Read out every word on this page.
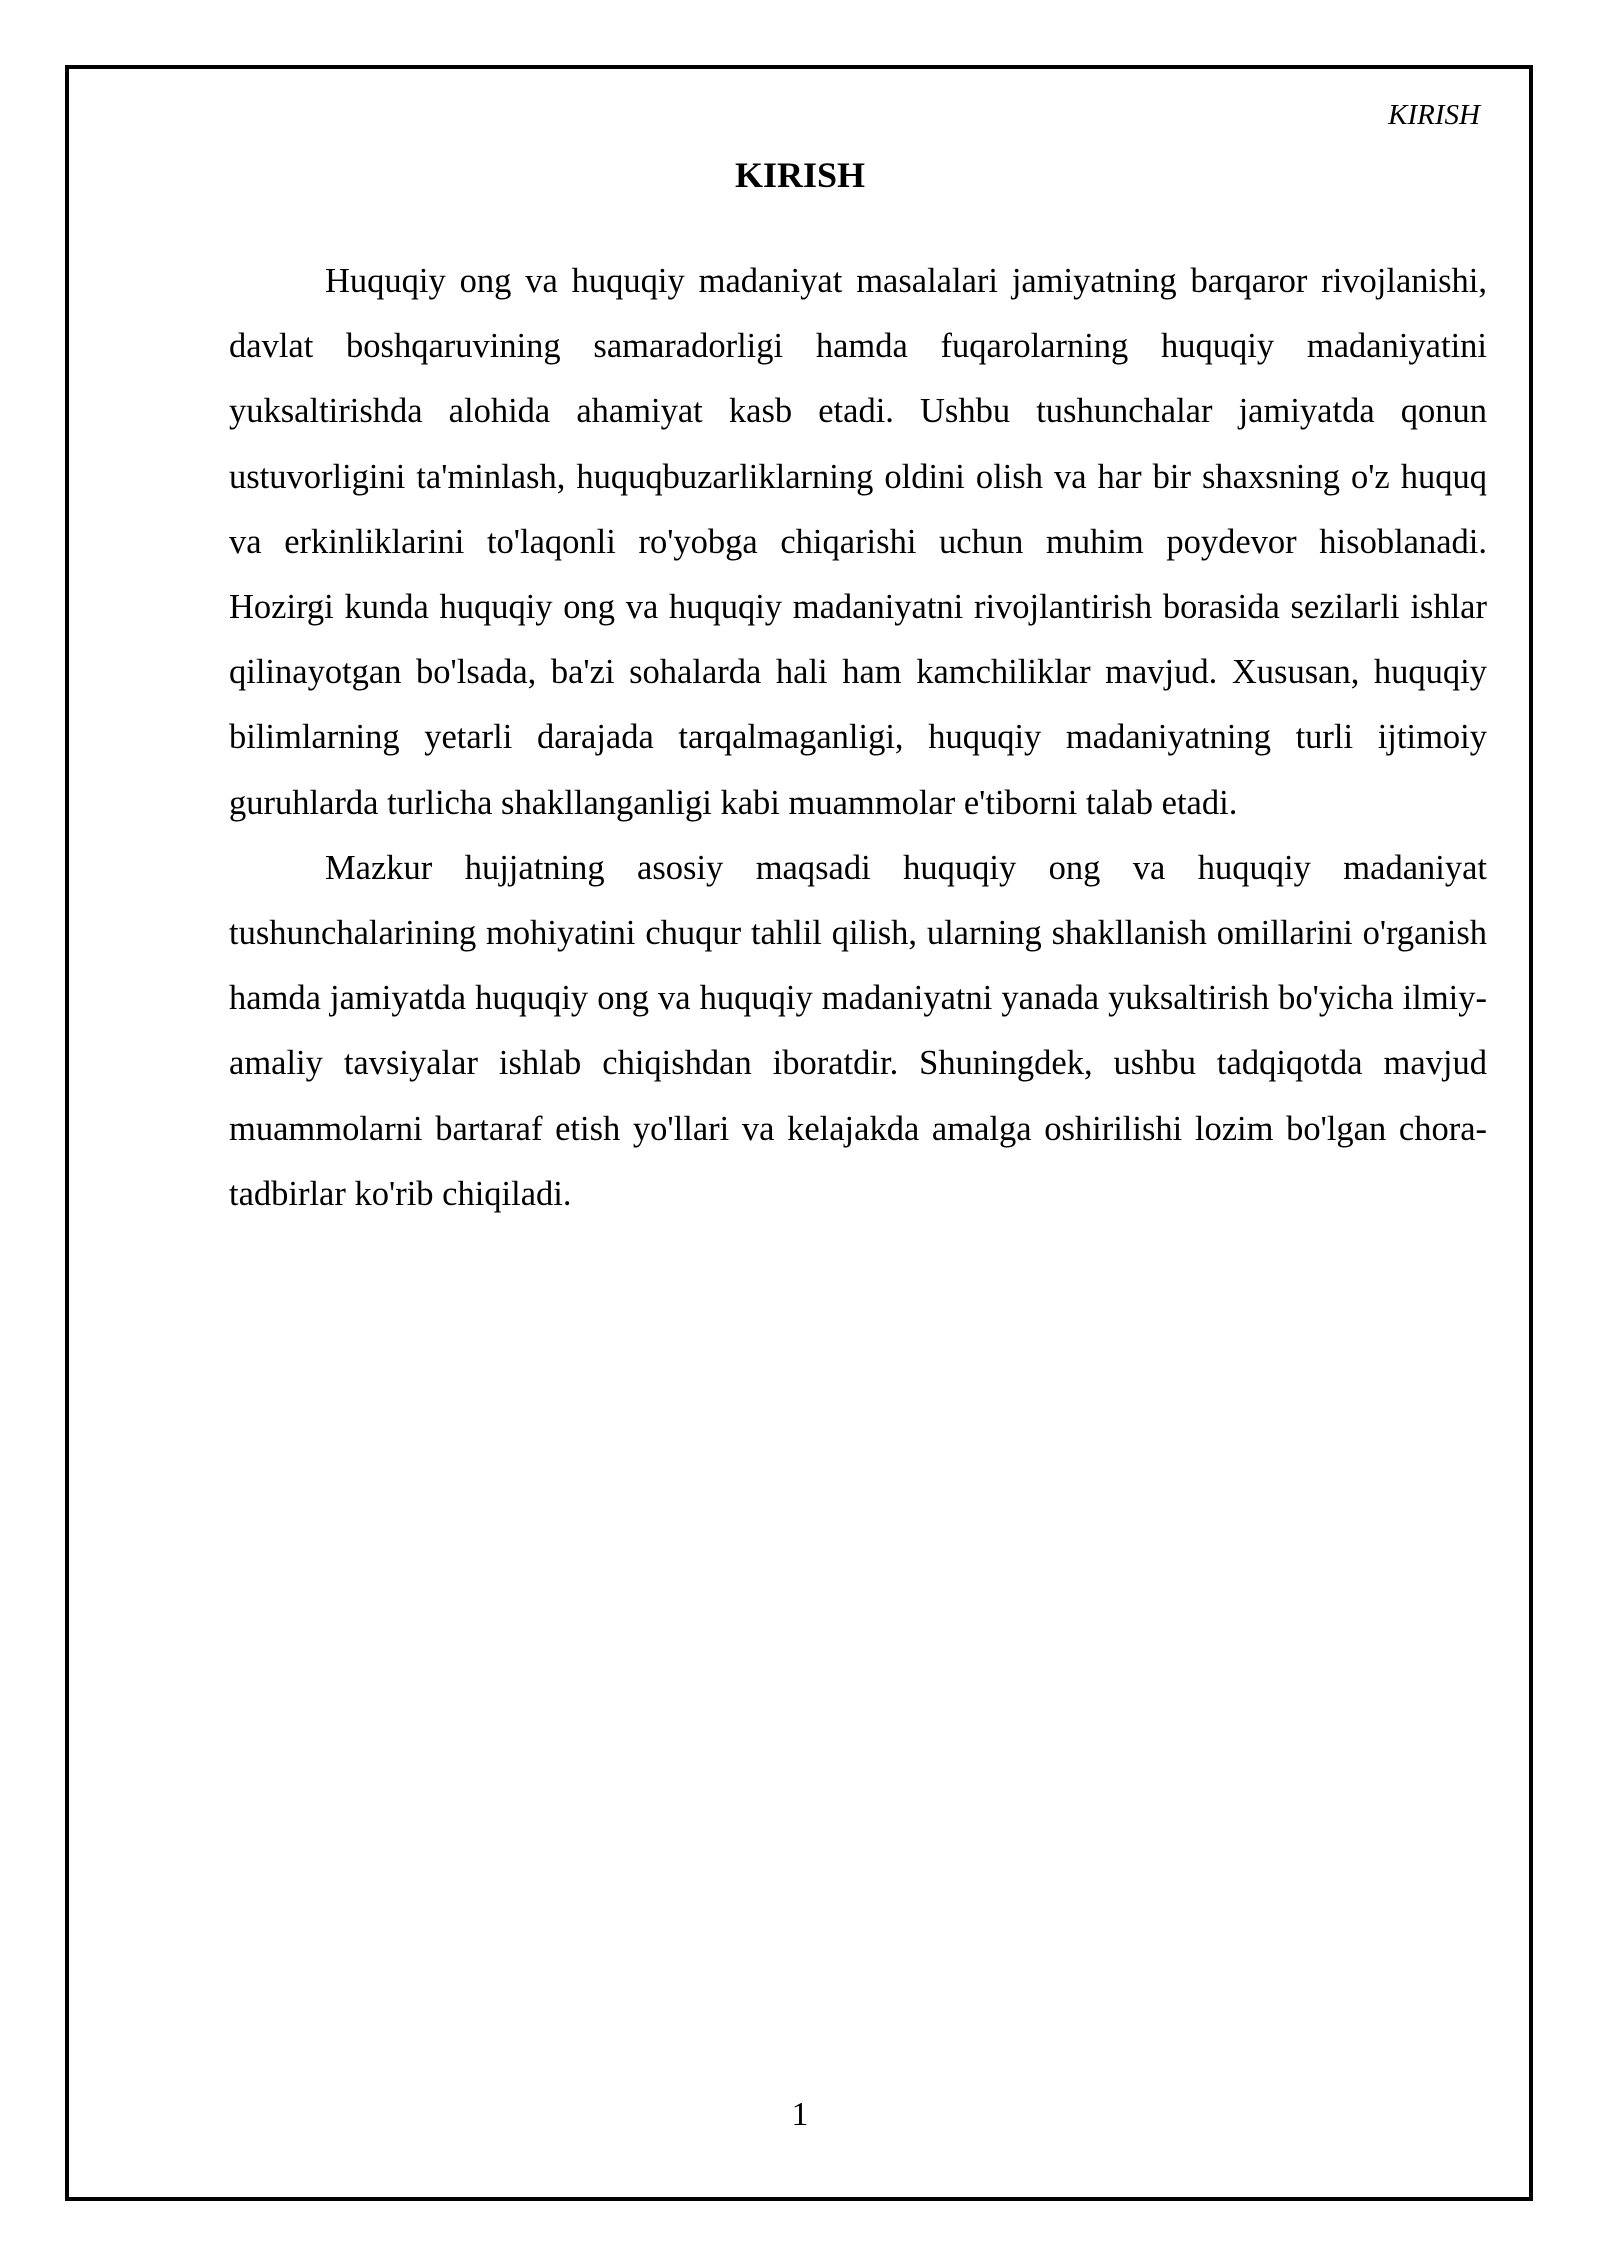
KIRISH
KIRISH

Huquqiy ong va huquqiy madaniyat masalalari jamiyatning barqaror rivojlanishi, davlat boshqaruvining samaradorligi hamda fuqarolarning huquqiy madaniyatini yuksaltirishda alohida ahamiyat kasb etadi. Ushbu tushunchalar jamiyatda qonun ustuvorligini ta'minlash, huquqbuzarliklarning oldini olish va har bir shaxsning o'z huquq va erkinliklarini to'laqonli ro'yobga chiqarishi uchun muhim poydevor hisoblanadi. Hozirgi kunda huquqiy ong va huquqiy madaniyatni rivojlantirish borasida sezilarli ishlar qilinayotgan bo'lsada, ba'zi sohalarda hali ham kamchiliklar mavjud. Xususan, huquqiy bilimlarning yetarli darajada tarqalmaganligi, huquqiy madaniyatning turli ijtimoiy guruhlarda turlicha shakllanganligi kabi muammolar e'tiborni talab etadi.

Mazkur hujjatning asosiy maqsadi huquqiy ong va huquqiy madaniyat tushunchalarining mohiyatini chuqur tahlil qilish, ularning shakllanish omillarini o'rganish hamda jamiyatda huquqiy ong va huquqiy madaniyatni yanada yuksaltirish bo'yicha ilmiy-amaliy tavsiyalar ishlab chiqishdan iboratdir. Shuningdek, ushbu tadqiqotda mavjud muammolarni bartaraf etish yo'llari va kelajakda amalga oshirilishi lozim bo'lgan chora-tadbirlar ko'rib chiqiladi.

1
